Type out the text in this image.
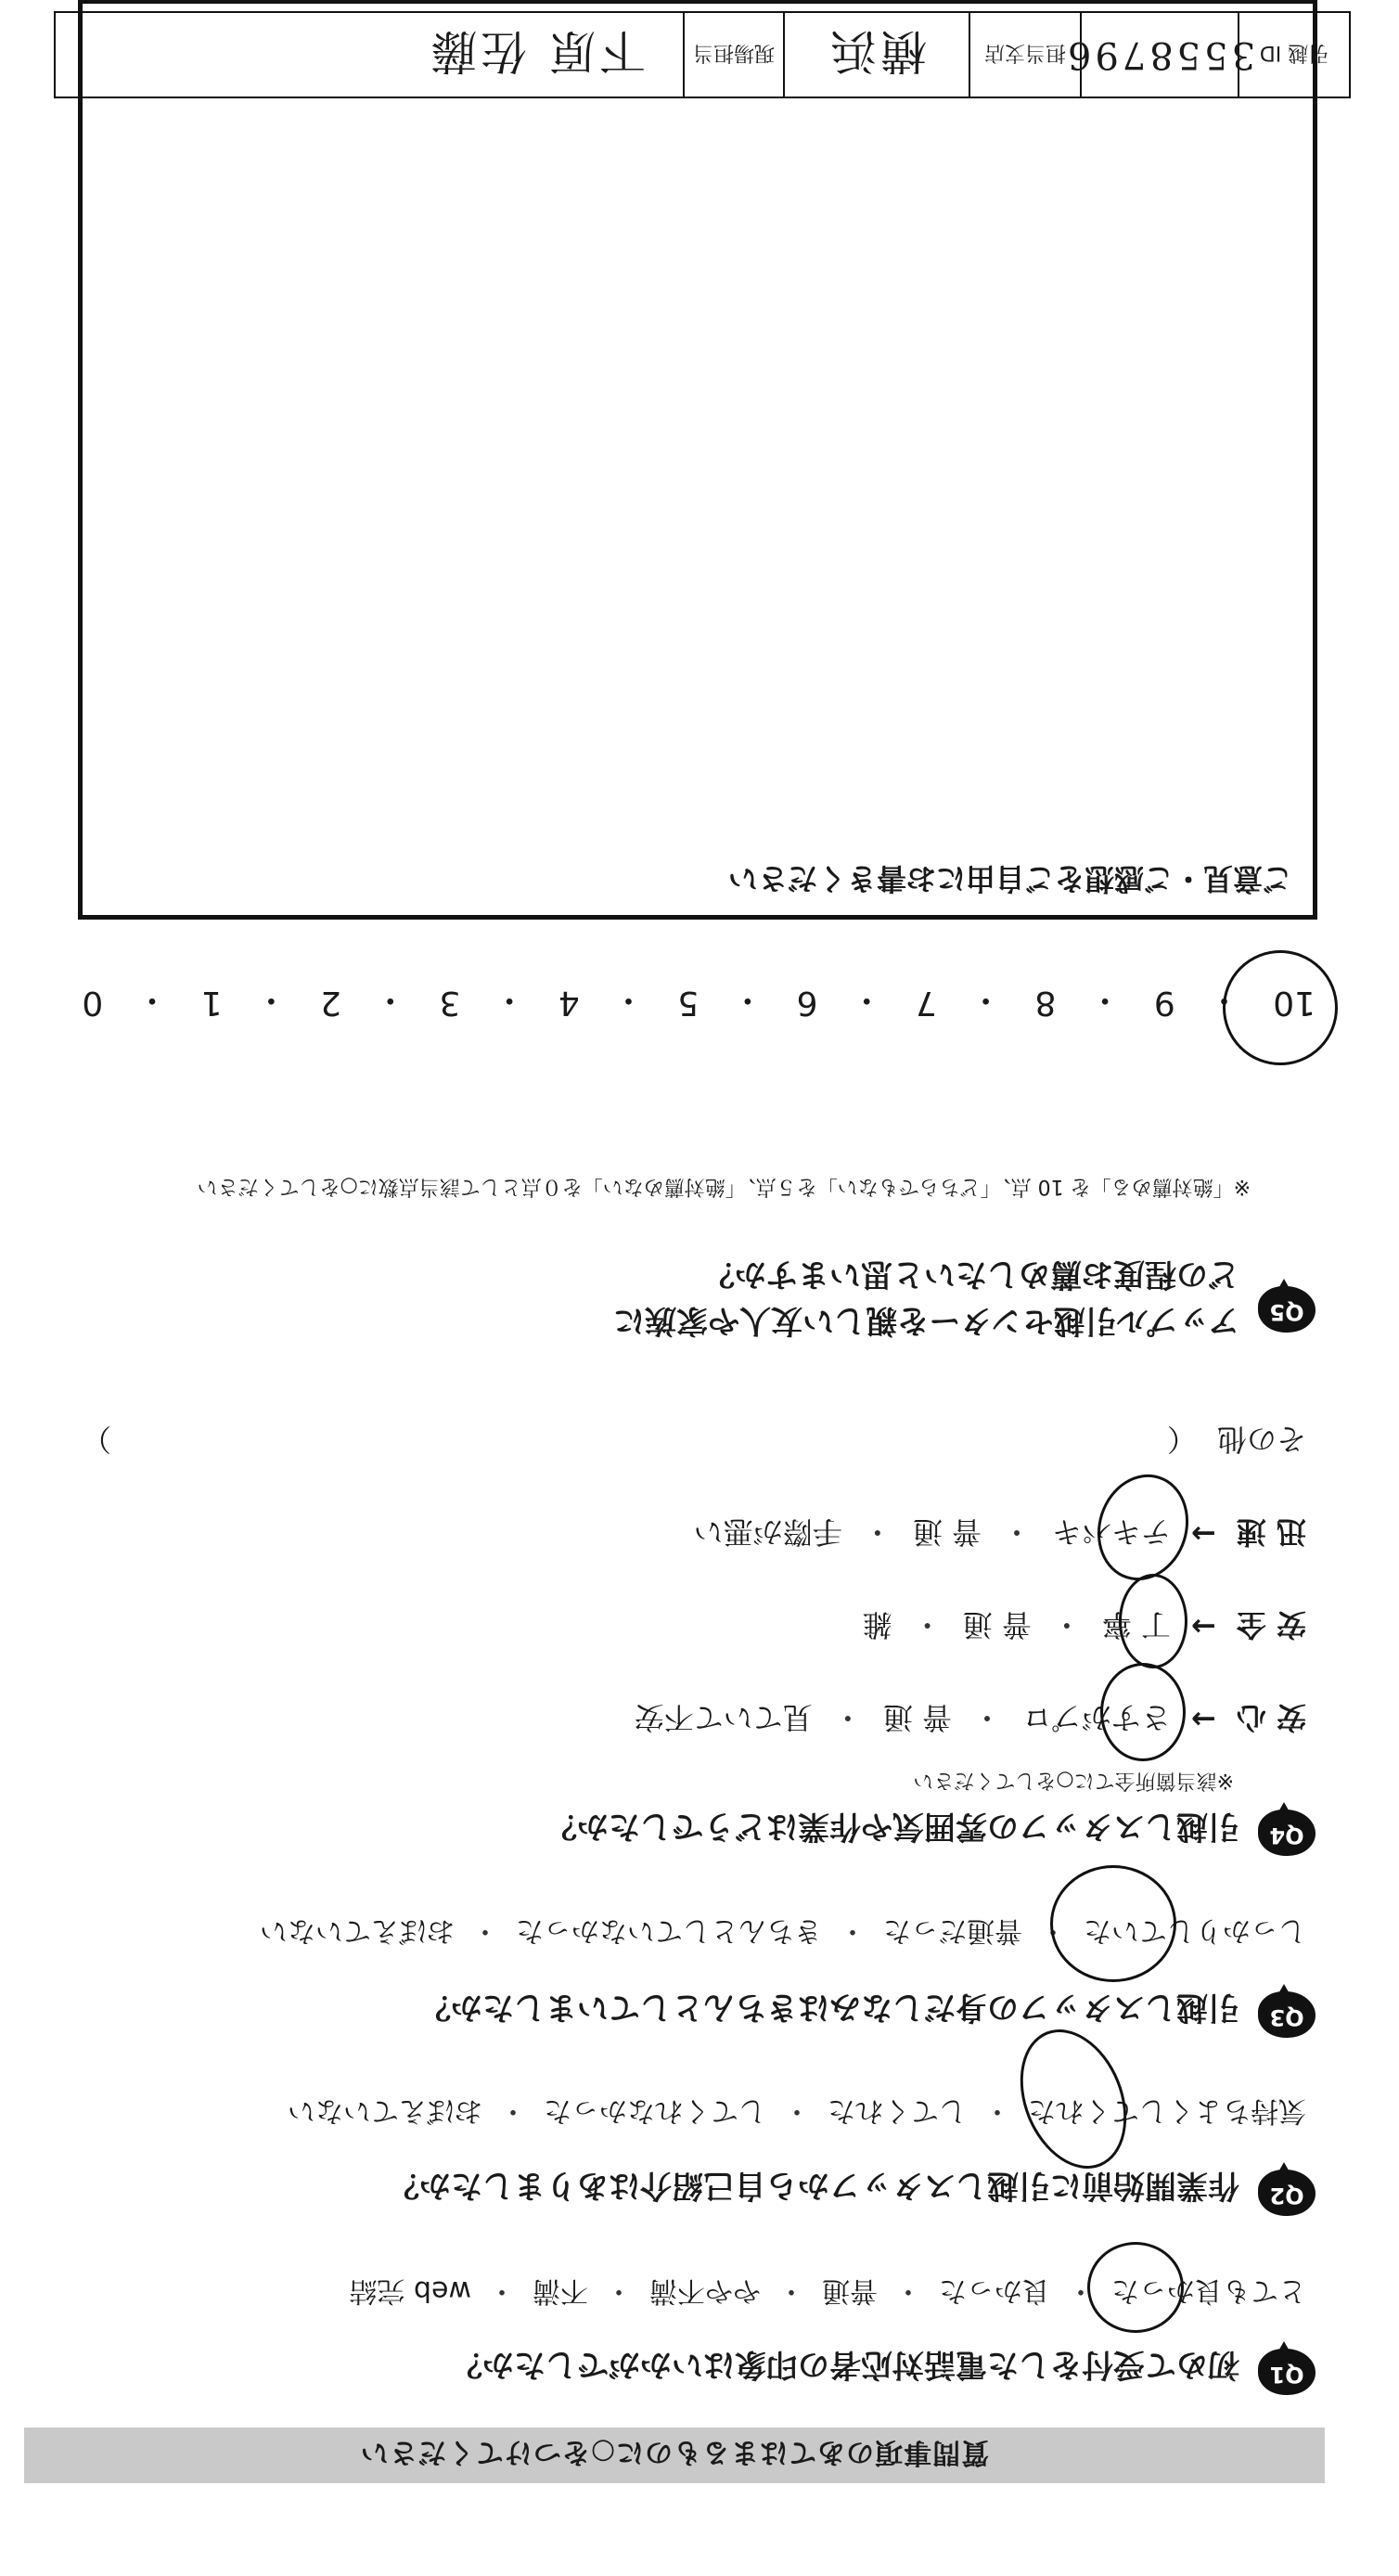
質問事項のあてはまるものに○をつけてください
Q1
初めて受付をした電話対応者の印象はいかがでしたか？
とても良かった
・
良かった
・
普通
・
やや不満
・
不満
・
web 完結
Q2
作業開始前に引越しスタッフから自己紹介はありましたか？
気持ちよくしてくれた
・
してくれた
・
してくれなかった
・
おぼえていない
Q3
引越しスタッフの身だしなみはきちんとしていましたか？
しっかりしていた
・
普通だった
・
きちんとしていなかった
・
おぼえていない
Q4
引越しスタッフの雰囲気や作業はどうでしたか？
※該当箇所全てに○をしてください
安 心
→
さすがプロ
・
普 通
・
見ていて不安
安 全
→
丁 寧
・
普 通
・
雑
迅 速
→
テキパキ
・
普 通
・
手際が悪い
その他
（
）
Q5
アップル引越センターを親しい友人や家族に
どの程度お薦めしたいと思いますか？
※「絶対薦める」を 10 点、「どちらでもない」を５点、「絶対薦めない」を０点として該当点数に○をしてください
10
・
9
・
8
・
7
・
6
・
5
・
4
・
3
・
2
・
1
・
0
ご意見・ご感想をご自由にお書きください
引越 ID
3558796
担当支店
横浜
現場担当
下原 佐藤
